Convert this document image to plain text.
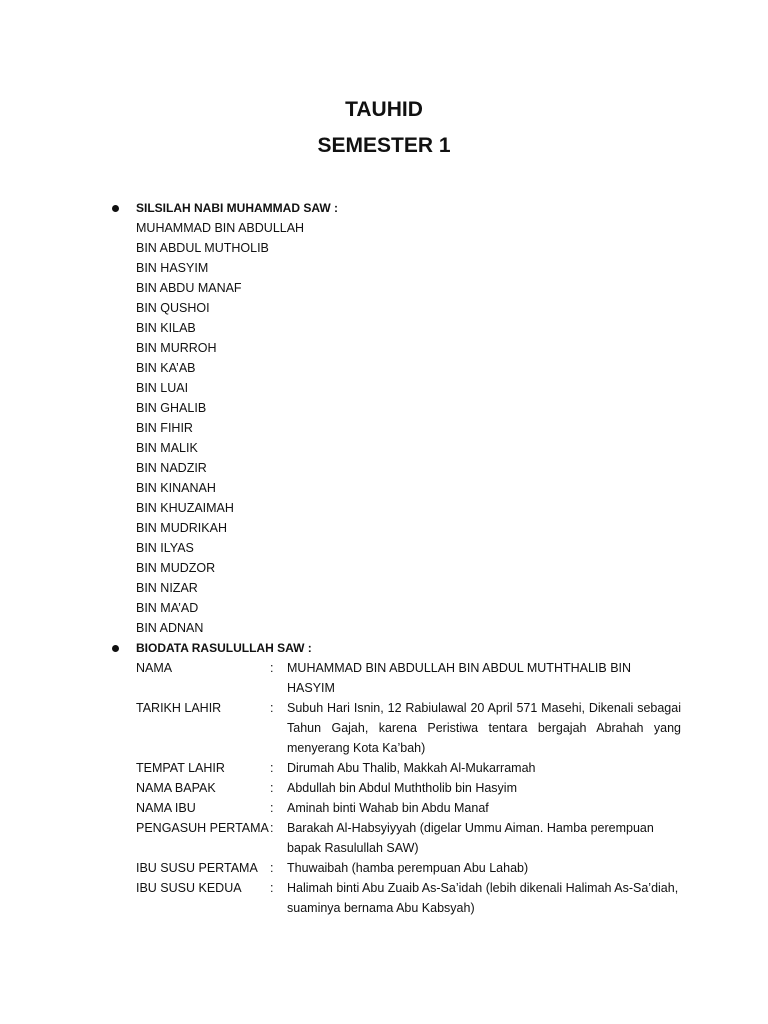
TAUHID
SEMESTER 1
SILSILAH NABI MUHAMMAD SAW :
MUHAMMAD BIN ABDULLAH
BIN ABDUL MUTHOLIB
BIN HASYIM
BIN ABDU MANAF
BIN QUSHOI
BIN KILAB
BIN MURROH
BIN KA’AB
BIN LUAI
BIN GHALIB
BIN FIHIR
BIN MALIK
BIN NADZIR
BIN KINANAH
BIN KHUZAIMAH
BIN MUDRIKAH
BIN ILYAS
BIN MUDZOR
BIN NIZAR
BIN MA’AD
BIN ADNAN
BIODATA RASULULLAH SAW :
NAMA	:	MUHAMMAD BIN ABDULLAH BIN ABDUL MUTHTHALIB BIN HASYIM
TARIKH LAHIR	:	Subuh Hari Isnin, 12 Rabiulawal 20 April 571 Masehi, Dikenali sebagai Tahun Gajah, karena Peristiwa tentara bergajah Abrahah yang menyerang Kota Ka’bah)
TEMPAT LAHIR	:	Dirumah Abu Thalib, Makkah Al-Mukarramah
NAMA BAPAK	:	Abdullah bin Abdul Muththolib bin Hasyim
NAMA IBU	:	Aminah binti Wahab bin Abdu Manaf
PENGASUH PERTAMA :	Barakah Al-Habsyiyyah (digelar Ummu Aiman. Hamba perempuan bapak Rasulullah SAW)
IBU SUSU PERTAMA :	Thuwaibah (hamba perempuan Abu Lahab)
IBU SUSU KEDUA	:	Halimah binti Abu Zuaib As-Sa’idah (lebih dikenali Halimah As-Sa’diah, suaminya bernama Abu Kabsyah)
